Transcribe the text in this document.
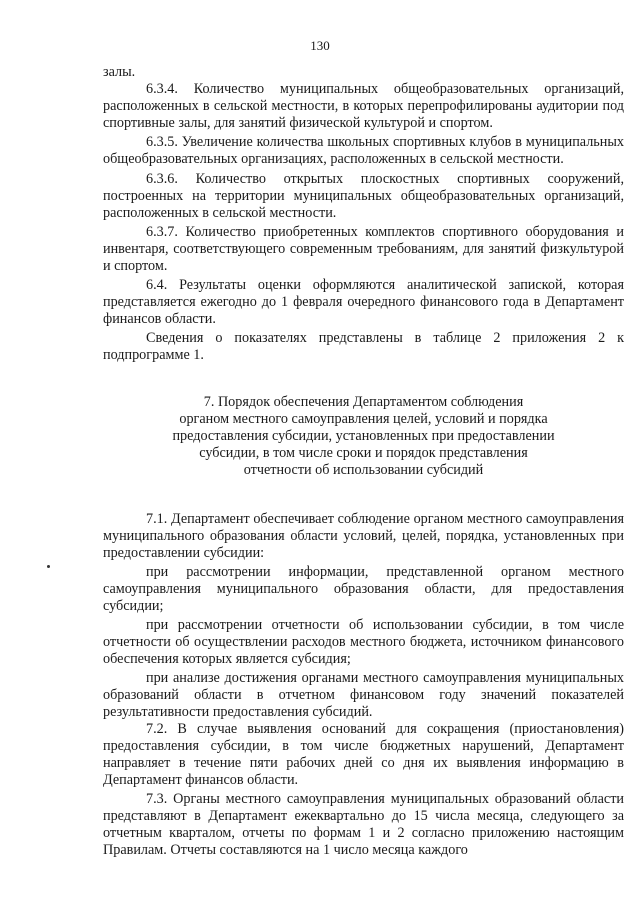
130

залы.

6.3.4. Количество муниципальных общеобразовательных организаций, расположенных в сельской местности, в которых перепрофилированы аудитории под спортивные залы, для занятий физической культурой и спортом.

6.3.5. Увеличение количества школьных спортивных клубов в муниципальных общеобразовательных организациях, расположенных в сельской местности.

6.3.6. Количество открытых плоскостных спортивных сооружений, построенных на территории муниципальных общеобразовательных организаций, расположенных в сельской местности.

6.3.7. Количество приобретенных комплектов спортивного оборудования и инвентаря, соответствующего современным требованиям, для занятий физкультурой и спортом.

6.4. Результаты оценки оформляются аналитической запиской, которая представляется ежегодно до 1 февраля очередного финансового года в Департамент финансов области.

Сведения о показателях представлены в таблице 2 приложения 2 к подпрограмме 1.

7. Порядок обеспечения Департаментом соблюдения
органом местного самоуправления целей, условий и порядка
предоставления субсидии, установленных при предоставлении
субсидии, в том числе сроки и порядок представления
отчетности об использовании субсидий

7.1. Департамент обеспечивает соблюдение органом местного самоуправления муниципального образования области условий, целей, порядка, установленных при предоставлении субсидии:

при рассмотрении информации, представленной органом местного самоуправления муниципального образования области, для предоставления субсидии;

при рассмотрении отчетности об использовании субсидии, в том числе отчетности об осуществлении расходов местного бюджета, источником финансового обеспечения которых является субсидия;

при анализе достижения органами местного самоуправления муниципальных образований области в отчетном финансовом году значений показателей результативности предоставления субсидий.

7.2. В случае выявления оснований для сокращения (приостановления) предоставления субсидии, в том числе бюджетных нарушений, Департамент направляет в течение пяти рабочих дней со дня их выявления информацию в Департамент финансов области.

7.3. Органы местного самоуправления муниципальных образований области представляют в Департамент ежеквартально до 15 числа месяца, следующего за отчетным кварталом, отчеты по формам 1 и 2 согласно приложению настоящим Правилам. Отчеты составляются на 1 число месяца каждого
